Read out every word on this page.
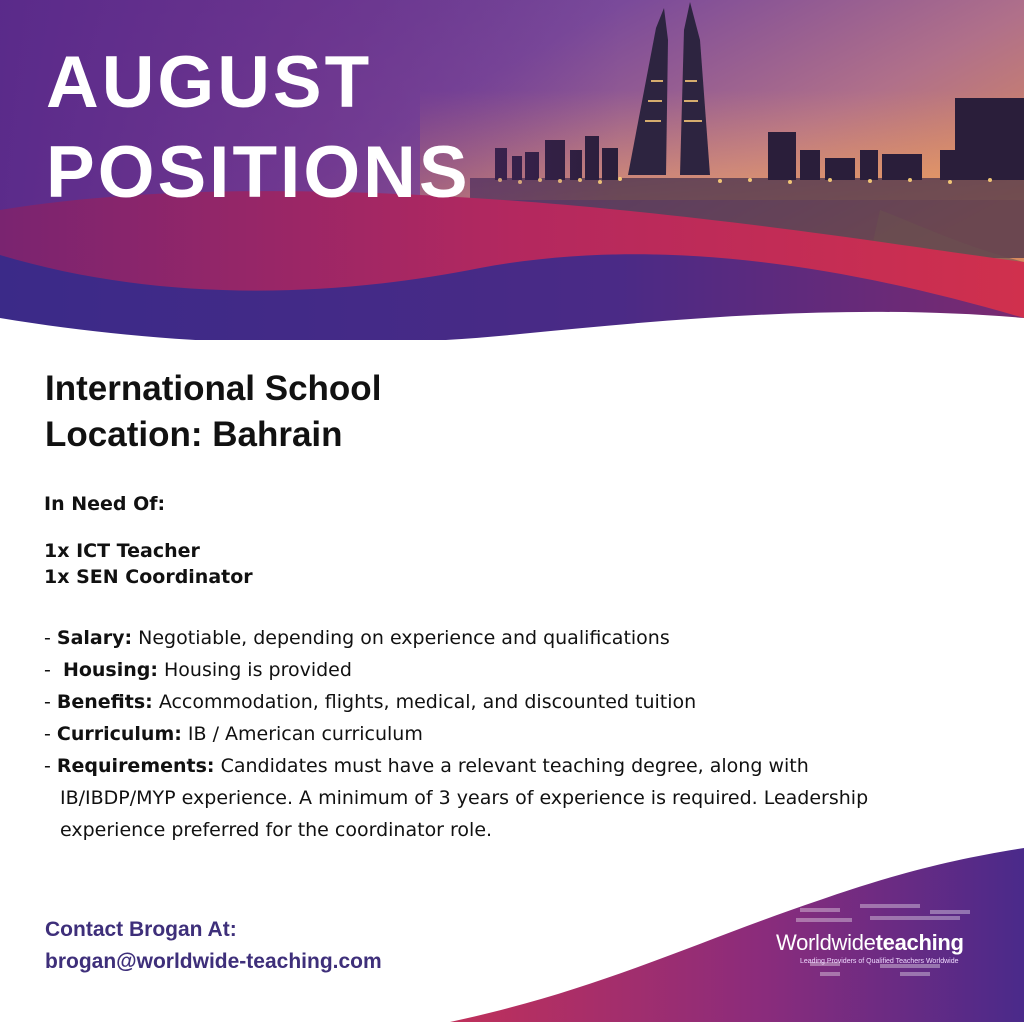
AUGUST
POSITIONS
International School
Location: Bahrain
In Need Of:
1x ICT Teacher
1x SEN Coordinator
- Salary: Negotiable, depending on experience and qualifications
-  Housing: Housing is provided
- Benefits: Accommodation, flights, medical, and discounted tuition
- Curriculum: IB / American curriculum
- Requirements: Candidates must have a relevant teaching degree, along with
IB/IBDP/MYP experience. A minimum of 3 years of experience is required. Leadership
experience preferred for the coordinator role.
Contact Brogan At:
brogan@worldwide-teaching.com
Worldwideteaching
Leading Providers of Qualified Teachers Worldwide
